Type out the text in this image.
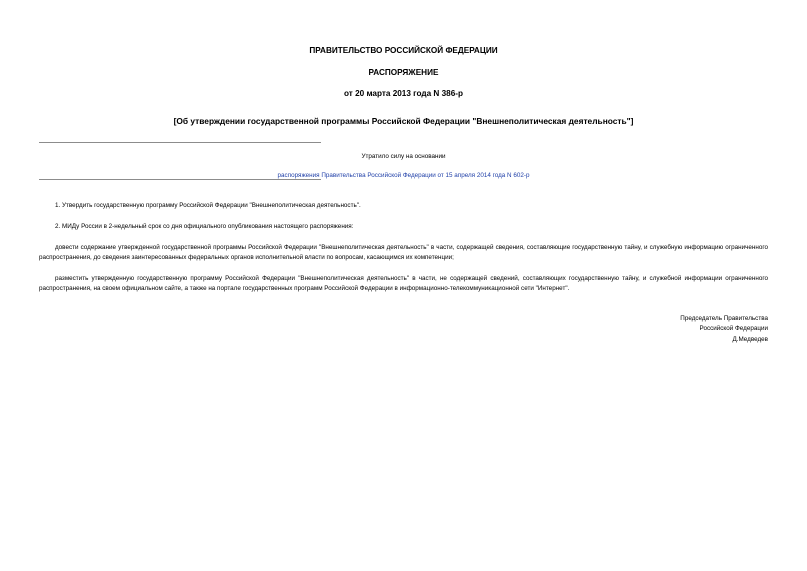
ПРАВИТЕЛЬСТВО РОССИЙСКОЙ ФЕДЕРАЦИИ
РАСПОРЯЖЕНИЕ
от 20 марта 2013 года N 386-р
[Об утверждении государственной программы Российской Федерации "Внешнеполитическая деятельность"]
Утратило силу на основании
распоряжения Правительства Российской Федерации от 15 апреля 2014 года N 602-р
1. Утвердить государственную программу Российской Федерации "Внешнеполитическая деятельность".
2. МИДу России в 2-недельный срок со дня официального опубликования настоящего распоряжения:
довести содержание утвержденной государственной программы Российской Федерации "Внешнеполитическая деятельность" в части, содержащей сведения, составляющие государственную тайну, и служебную информацию ограниченного распространения, до сведения заинтересованных федеральных органов исполнительной власти по вопросам, касающимся их компетенции;
разместить утвержденную государственную программу Российской Федерации "Внешнеполитическая деятельность" в части, не содержащей сведений, составляющих государственную тайну, и служебной информации ограниченного распространения, на своем официальном сайте, а также на портале государственных программ Российской Федерации в информационно-телекоммуникационной сети "Интернет".
Председатель Правительства
Российской Федерации
Д.Медведев
